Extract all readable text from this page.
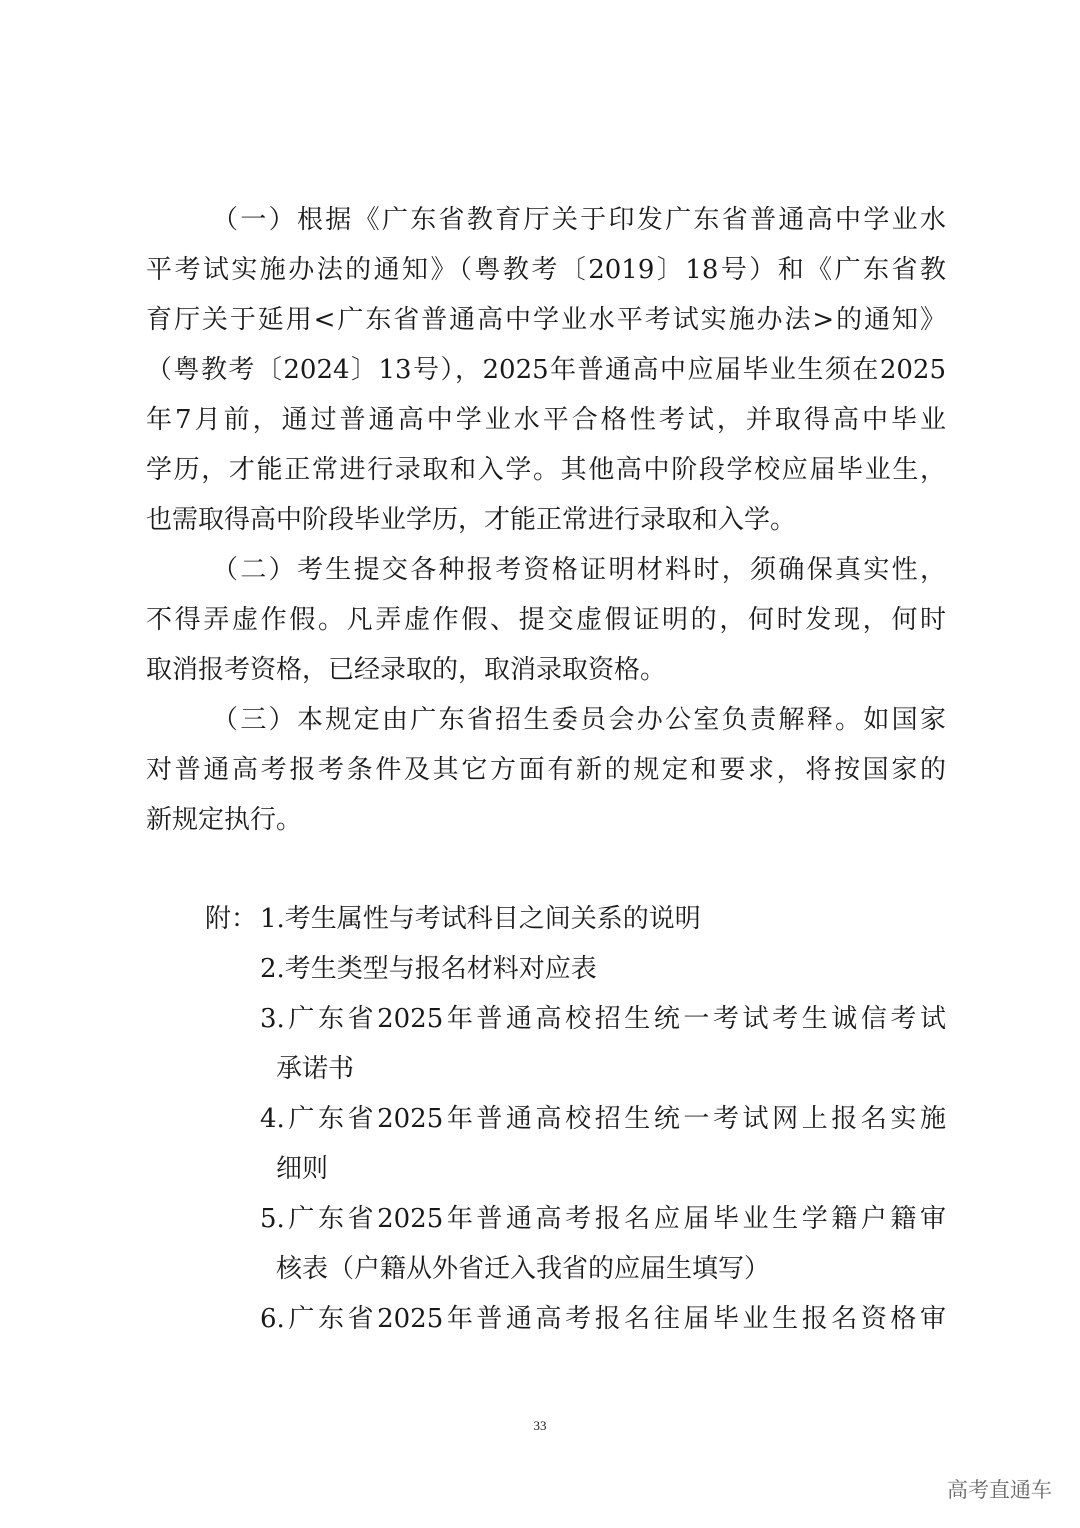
（一）根据《广东省教育厅关于印发广东省普通高中学业水
平考试实施办法的通知》（粤教考〔2019〕18号）和《广东省教
育厅关于延用<广东省普通高中学业水平考试实施办法>的通知》
（粤教考〔2024〕13号），2025年普通高中应届毕业生须在2025
年7月前，通过普通高中学业水平合格性考试，并取得高中毕业
学历，才能正常进行录取和入学。其他高中阶段学校应届毕业生，
也需取得高中阶段毕业学历，才能正常进行录取和入学。
（二）考生提交各种报考资格证明材料时，须确保真实性，
不得弄虚作假。凡弄虚作假、提交虚假证明的，何时发现，何时
取消报考资格，已经录取的，取消录取资格。
（三）本规定由广东省招生委员会办公室负责解释。如国家
对普通高考报考条件及其它方面有新的规定和要求，将按国家的
新规定执行。
附： 1.考生属性与考试科目之间关系的说明
2.考生类型与报名材料对应表
3.广东省2025年普通高校招生统一考试考生诚信考试
承诺书
4.广东省2025年普通高校招生统一考试网上报名实施
细则
5.广东省2025年普通高考报名应届毕业生学籍户籍审
核表（户籍从外省迁入我省的应届生填写）
6.广东省2025年普通高考报名往届毕业生报名资格审
33
高考直通车
